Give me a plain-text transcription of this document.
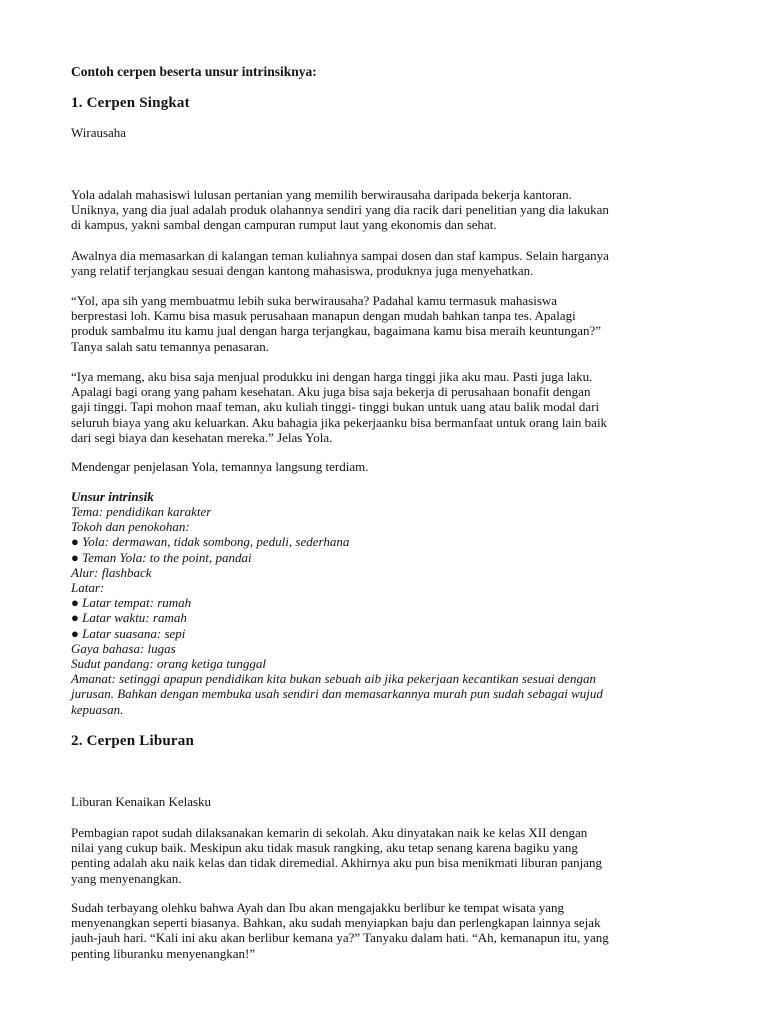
Contoh cerpen beserta unsur intrinsiknya:
1. Cerpen Singkat
Wirausaha
Yola adalah mahasiswi lulusan pertanian yang memilih berwirausaha daripada bekerja kantoran.
Uniknya, yang dia jual adalah produk olahannya sendiri yang dia racik dari penelitian yang dia lakukan
di kampus, yakni sambal dengan campuran rumput laut yang ekonomis dan sehat.
Awalnya dia memasarkan di kalangan teman kuliahnya sampai dosen dan staf kampus. Selain harganya
yang relatif terjangkau sesuai dengan kantong mahasiswa, produknya juga menyehatkan.
“Yol, apa sih yang membuatmu lebih suka berwirausaha? Padahal kamu termasuk mahasiswa
berprestasi loh. Kamu bisa masuk perusahaan manapun dengan mudah bahkan tanpa tes. Apalagi
produk sambalmu itu kamu jual dengan harga terjangkau, bagaimana kamu bisa meraih keuntungan?”
Tanya salah satu temannya penasaran.
“Iya memang, aku bisa saja menjual produkku ini dengan harga tinggi jika aku mau. Pasti juga laku.
Apalagi bagi orang yang paham kesehatan. Aku juga bisa saja bekerja di perusahaan bonafit dengan
gaji tinggi. Tapi mohon maaf teman, aku kuliah tinggi- tinggi bukan untuk uang atau balik modal dari
seluruh biaya yang aku keluarkan. Aku bahagia jika pekerjaanku bisa bermanfaat untuk orang lain baik
dari segi biaya dan kesehatan mereka.” Jelas Yola.
Mendengar penjelasan Yola, temannya langsung terdiam.
Unsur intrinsik
Tema: pendidikan karakter
Tokoh dan penokohan:
● Yola: dermawan, tidak sombong, peduli, sederhana
● Teman Yola: to the point, pandai
Alur: flashback
Latar:
● Latar tempat: rumah
● Latar waktu: ramah
● Latar suasana: sepi
Gaya bahasa: lugas
Sudut pandang: orang ketiga tunggal
Amanat: setinggi apapun pendidikan kita bukan sebuah aib jika pekerjaan kecantikan sesuai dengan
jurusan. Bahkan dengan membuka usah sendiri dan memasarkannya murah pun sudah sebagai wujud
kepuasan.
2. Cerpen Liburan
Liburan Kenaikan Kelasku
Pembagian rapot sudah dilaksanakan kemarin di sekolah. Aku dinyatakan naik ke kelas XII dengan
nilai yang cukup baik. Meskipun aku tidak masuk rangking, aku tetap senang karena bagiku yang
penting adalah aku naik kelas dan tidak diremedial. Akhirnya aku pun bisa menikmati liburan panjang
yang menyenangkan.
Sudah terbayang olehku bahwa Ayah dan Ibu akan mengajakku berlibur ke tempat wisata yang
menyenangkan seperti biasanya. Bahkan, aku sudah menyiapkan baju dan perlengkapan lainnya sejak
jauh-jauh hari. “Kali ini aku akan berlibur kemana ya?” Tanyaku dalam hati. “Ah, kemanapun itu, yang
penting liburanku menyenangkan!”
